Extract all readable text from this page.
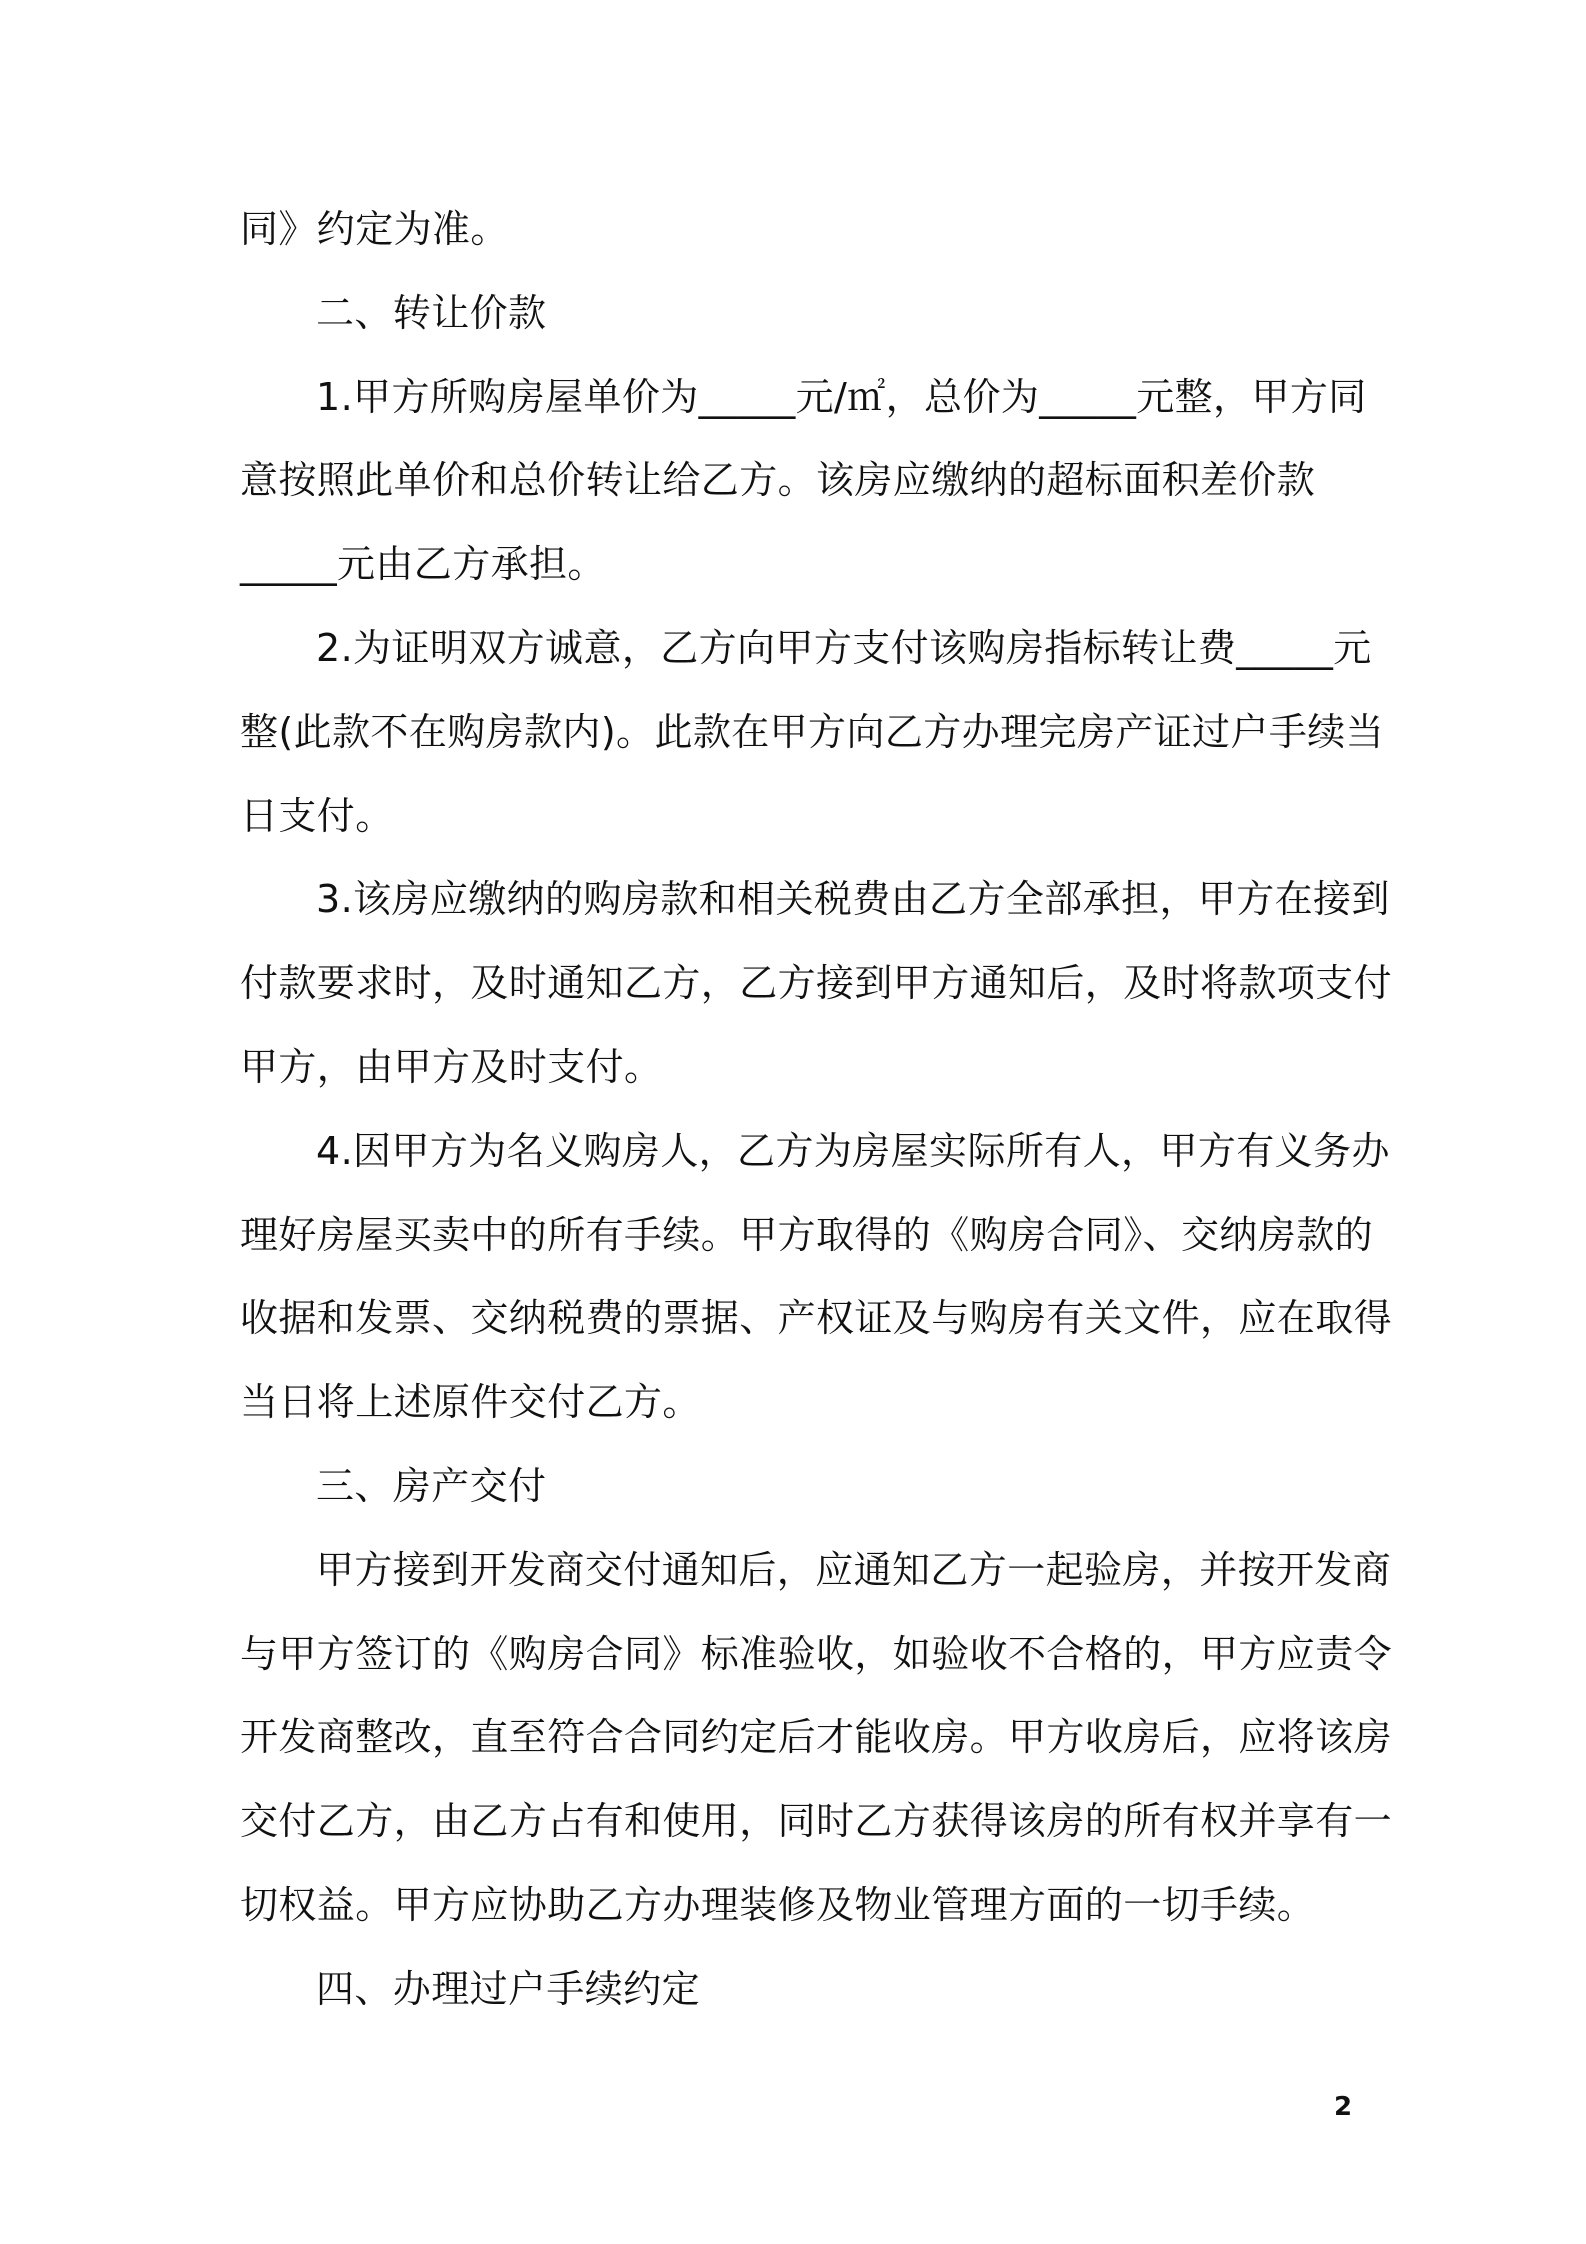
同》约定为准。
二、转让价款
1.甲方所购房屋单价为_____元/㎡，总价为_____元整，甲方同
意按照此单价和总价转让给乙方。该房应缴纳的超标面积差价款
_____元由乙方承担。
2.为证明双方诚意，乙方向甲方支付该购房指标转让费_____元
整(此款不在购房款内)。此款在甲方向乙方办理完房产证过户手续当
日支付。
3.该房应缴纳的购房款和相关税费由乙方全部承担，甲方在接到
付款要求时，及时通知乙方，乙方接到甲方通知后，及时将款项支付
甲方，由甲方及时支付。
4.因甲方为名义购房人，乙方为房屋实际所有人，甲方有义务办
理好房屋买卖中的所有手续。甲方取得的《购房合同》、交纳房款的
收据和发票、交纳税费的票据、产权证及与购房有关文件，应在取得
当日将上述原件交付乙方。
三、房产交付
甲方接到开发商交付通知后，应通知乙方一起验房，并按开发商
与甲方签订的《购房合同》标准验收，如验收不合格的，甲方应责令
开发商整改，直至符合合同约定后才能收房。甲方收房后，应将该房
交付乙方，由乙方占有和使用，同时乙方获得该房的所有权并享有一
切权益。甲方应协助乙方办理装修及物业管理方面的一切手续。
四、办理过户手续约定
2
